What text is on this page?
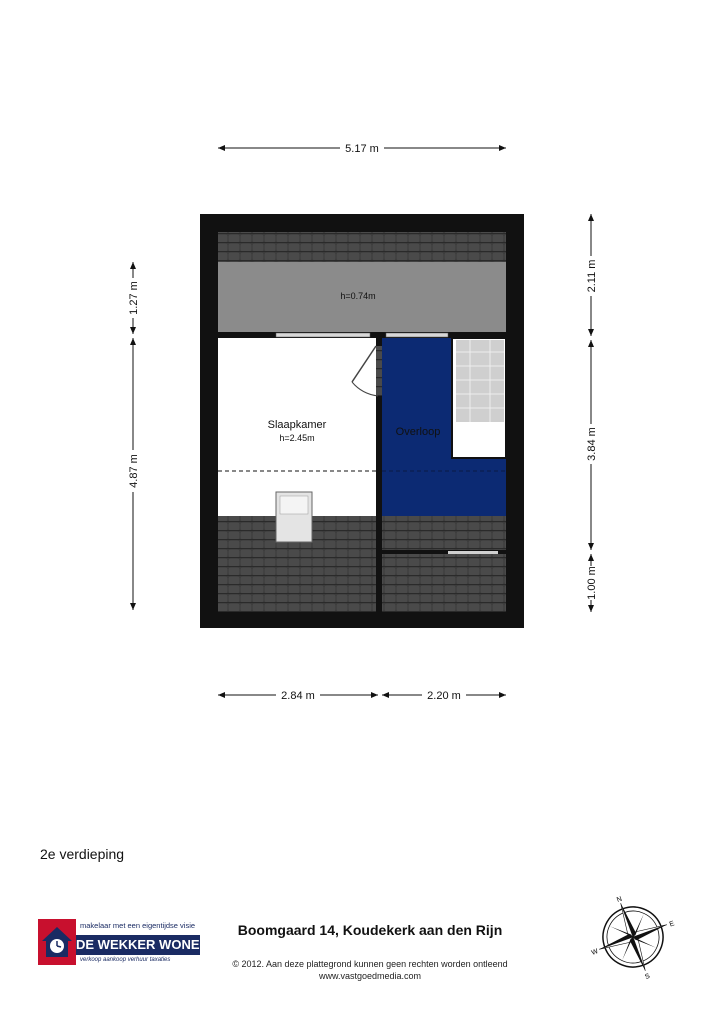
5.17 m
1.27 m
4.87 m
2.11 m
3.84 m
1.00 m
2.84 m	2.20 m
h=0.74m
Slaapkamer
h=2.45m	Overloop
2e verdieping
makelaar met een eigentijdse visie
DE WEKKER WONEN
verkoop aankoop verhuur taxaties
Boomgaard 14, Koudekerk aan den Rijn
© 2012. Aan deze plattegrond kunnen geen rechten worden ontleend
www.vastgoedmedia.com
N
E
S
W
